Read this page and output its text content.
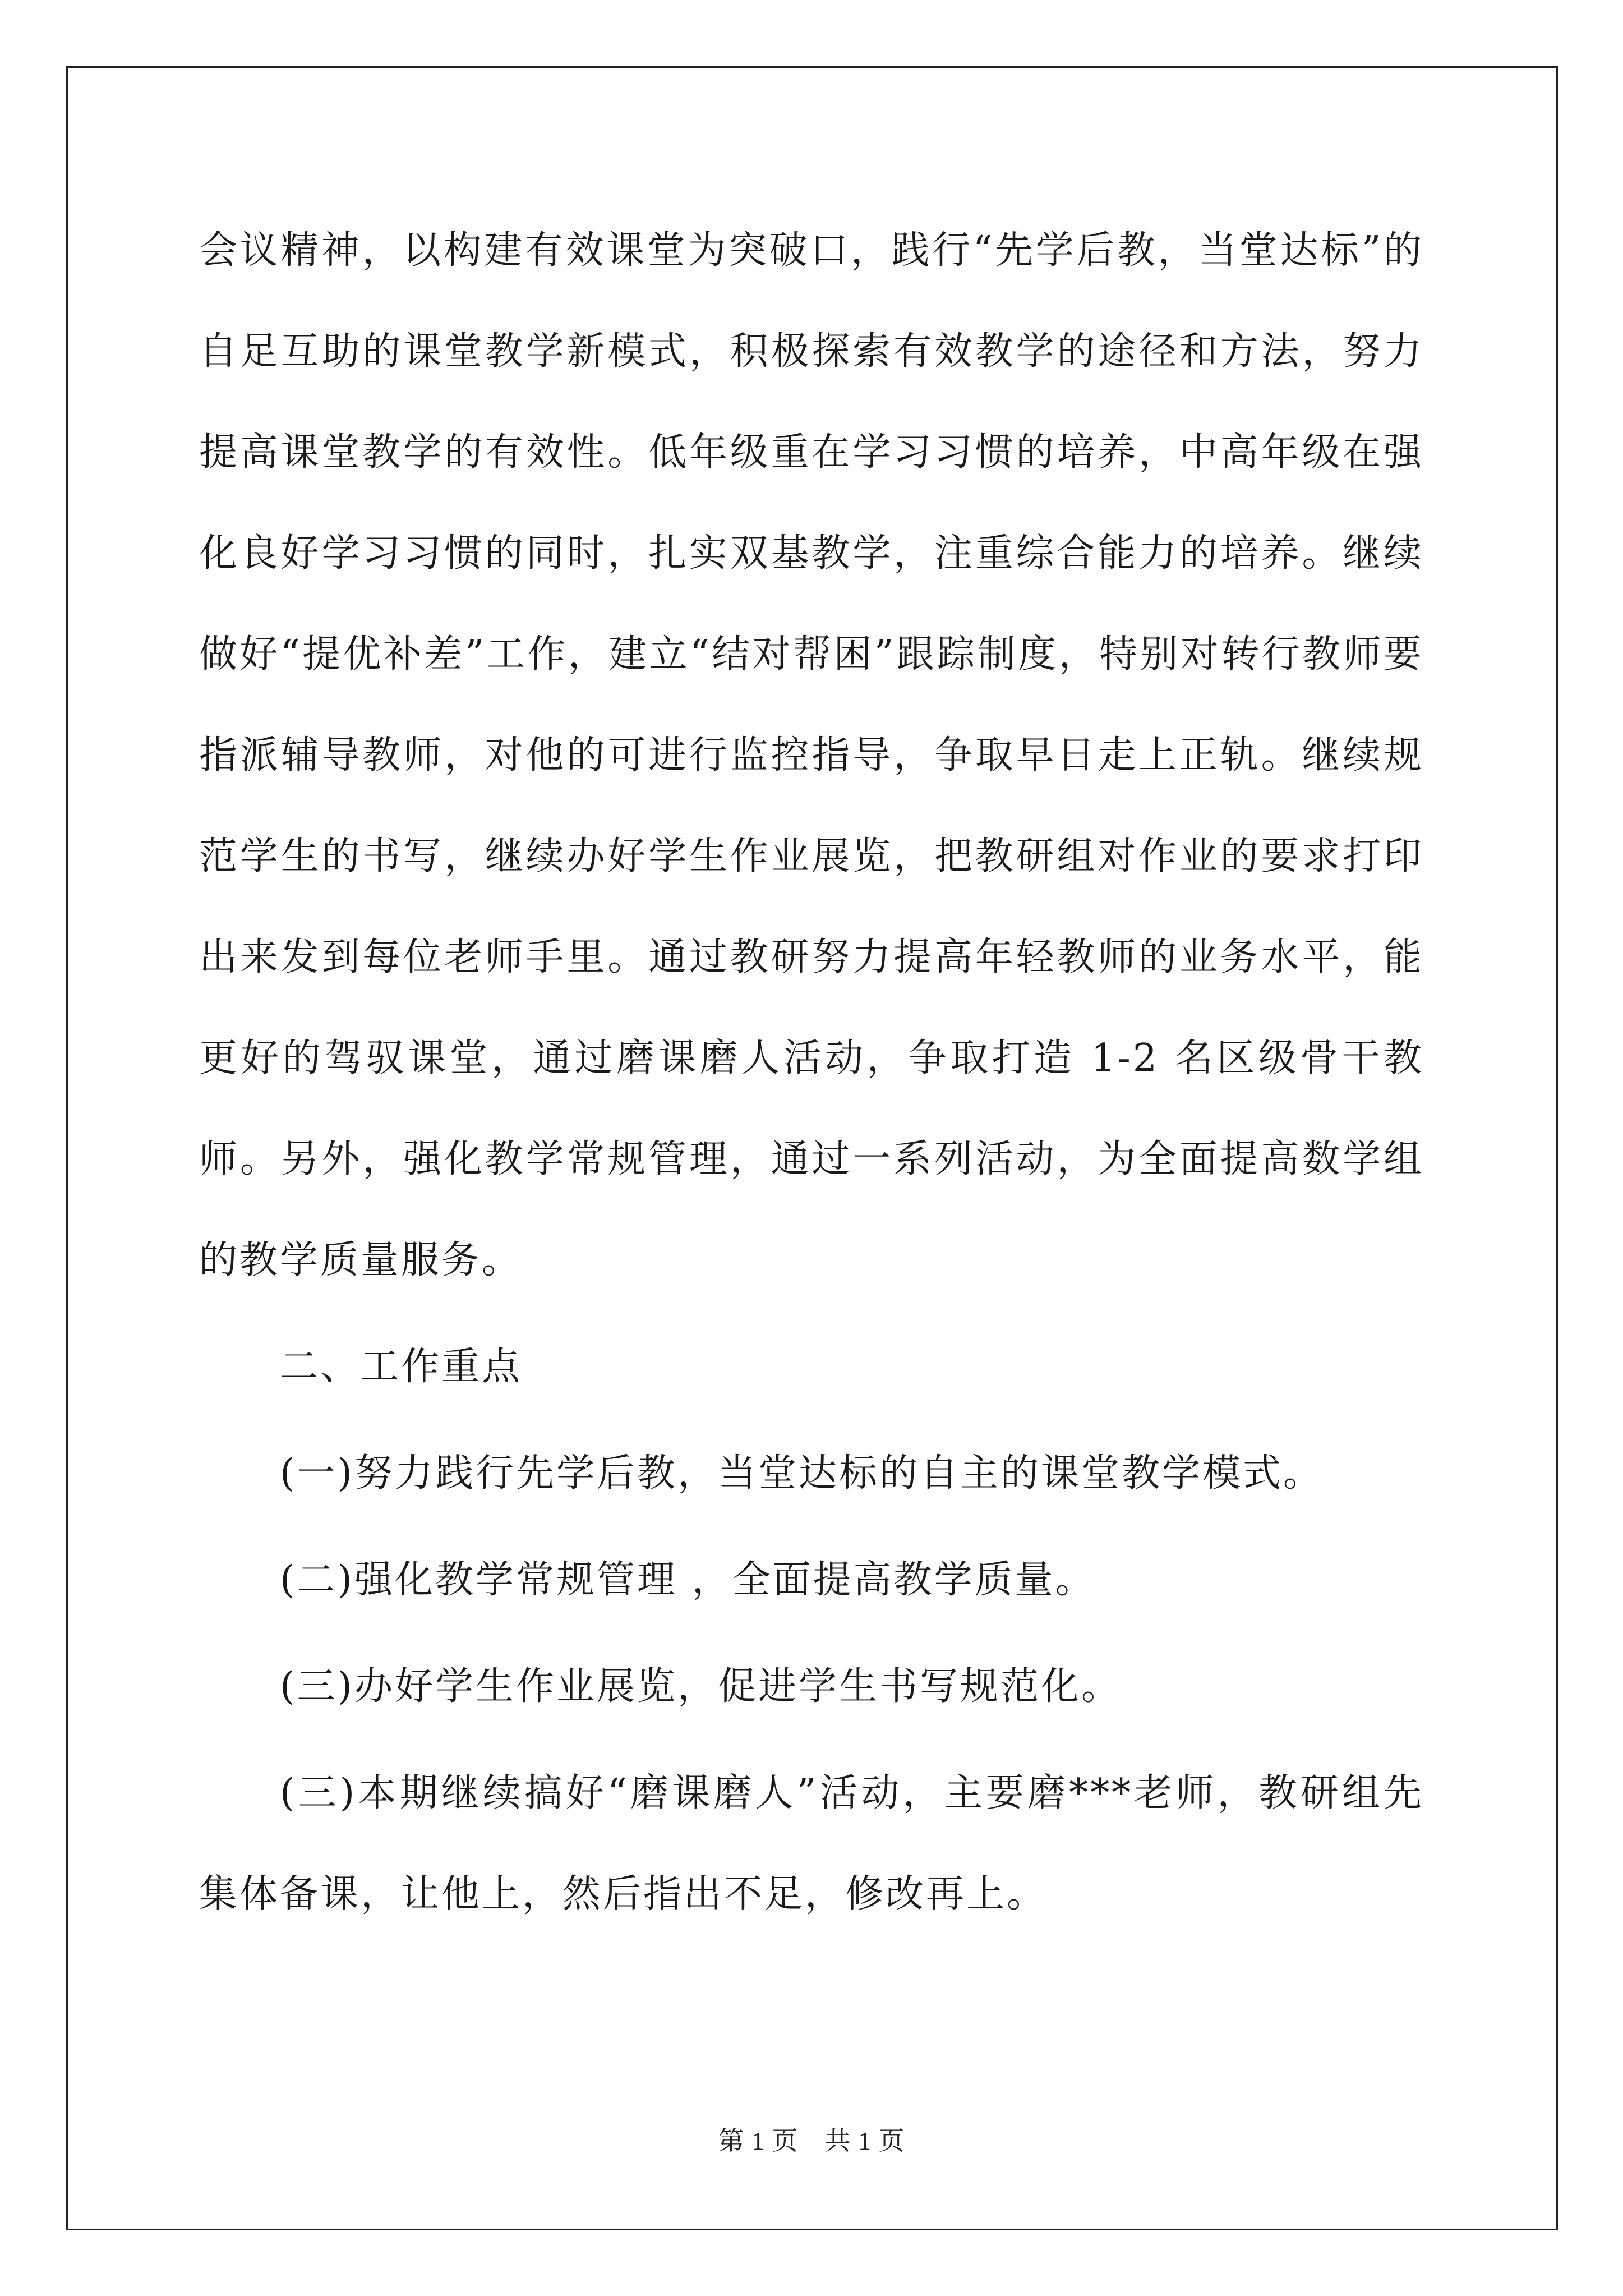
会议精神，以构建有效课堂为突破口，践行“先学后教，当堂达标”的自足互助的课堂教学新模式，积极探索有效教学的途径和方法，努力提高课堂教学的有效性。低年级重在学习习惯的培养，中高年级在强化良好学习习惯的同时，扎实双基教学，注重综合能力的培养。继续做好“提优补差”工作，建立“结对帮困”跟踪制度，特别对转行教师要指派辅导教师，对他的可进行监控指导，争取早日走上正轨。继续规范学生的书写，继续办好学生作业展览，把教研组对作业的要求打印出来发到每位老师手里。通过教研努力提高年轻教师的业务水平，能更好的驾驭课堂，通过磨课磨人活动，争取打造 1-2 名区级骨干教师。另外，强化教学常规管理，通过一系列活动，为全面提高数学组的教学质量服务。

二、工作重点

(一)努力践行先学后教，当堂达标的自主的课堂教学模式。

(二)强化教学常规管理 ，全面提高教学质量。

(三)办好学生作业展览，促进学生书写规范化。

(三)本期继续搞好“磨课磨人”活动，主要磨***老师，教研组先集体备课，让他上，然后指出不足，修改再上。

第 1 页　共 1 页
